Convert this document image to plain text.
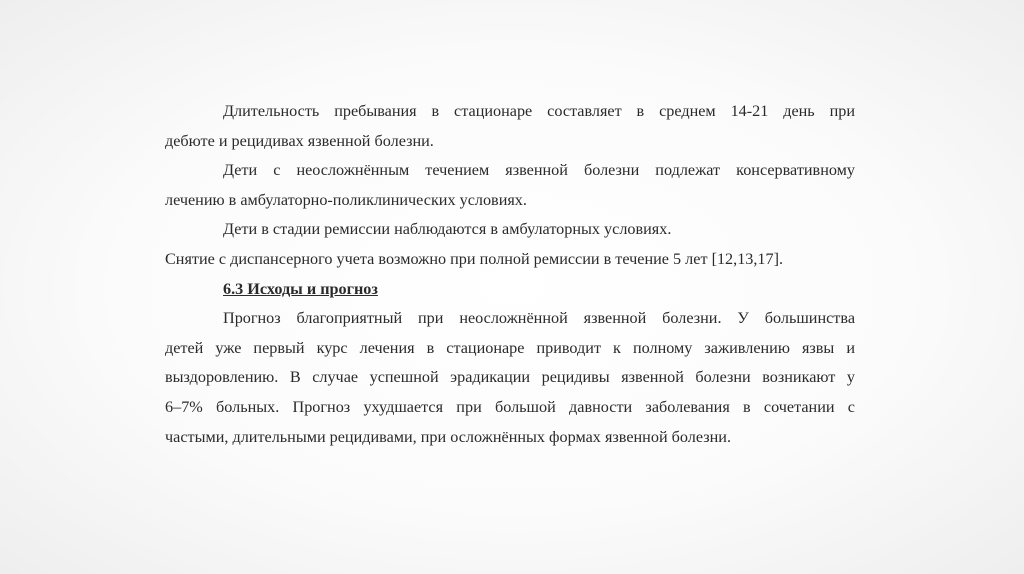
Длительность пребывания в стационаре составляет в среднем 14-21 день при
дебюте и рецидивах язвенной болезни.
Дети с неосложнённым течением язвенной болезни подлежат консервативному
лечению в амбулаторно-поликлинических условиях.

Дети в стадии ремиссии наблюдаются в амбулаторных условиях.

Снятие с диспансерного учета возможно при полной ремиссии в течение 5 лет [12,13,17].

6.3 Исходы и прогноз

Прогноз благоприятный при неосложнённой язвенной болезни. У большинства
детей уже первый курс лечения в стационаре приводит к полному заживлению язвы и
выздоровлению. В случае успешной эрадикации рецидивы язвенной болезни возникают у
6–7% больных. Прогноз ухудшается при большой давности заболевания в сочетании с
частыми, длительными рецидивами, при осложнённых формах язвенной болезни.
